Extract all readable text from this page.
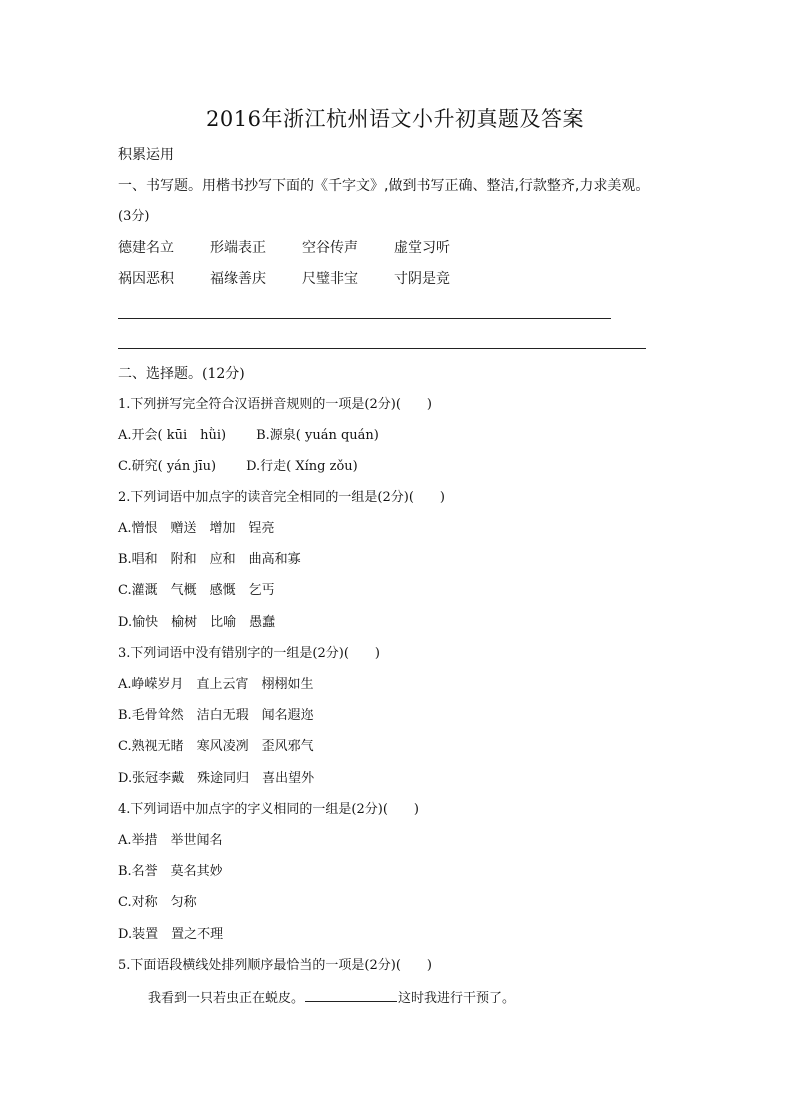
2016年浙江杭州语文小升初真题及答案
积累运用
一、书写题。用楷书抄写下面的《千字文》,做到书写正确、整洁,行款整齐,力求美观。
(3分)
德建名立	形端表正	空谷传声	虚堂习听
祸因恶积	福缘善庆	尺璧非宝	寸阴是竞
二、选择题。(12分)
1.下列拼写完全符合汉语拼音规则的一项是(2分)(　　)
A.开会( kūi　hǜi) B.源泉( yuán quán)
C.研究( yán jīu) D.行走( Xíng zǒu)
2.下列词语中加点字的读音完全相同的一组是(2分)(　　)
A.憎恨　赠送　增加　锃亮
B.唱和　附和　应和　曲高和寡
C.灌溉　气概　感慨　乞丐
D.愉快　榆树　比喻　愚蠢
3.下列词语中没有错别字的一组是(2分)(　　)
A.峥嵘岁月　直上云宵　栩栩如生
B.毛骨耸然　洁白无瑕　闻名遐迩
C.熟视无睹　寒风凌冽　歪风邪气
D.张冠李戴　殊途同归　喜出望外
4.下列词语中加点字的字义相同的一组是(2分)(　　)
A.举措　举世闻名
B.名誉　莫名其妙
C.对称　匀称
D.装置　置之不理
5.下面语段横线处排列顺序最恰当的一项是(2分)(　　)
我看到一只若虫正在蜕皮。	这时我进行干预了。
